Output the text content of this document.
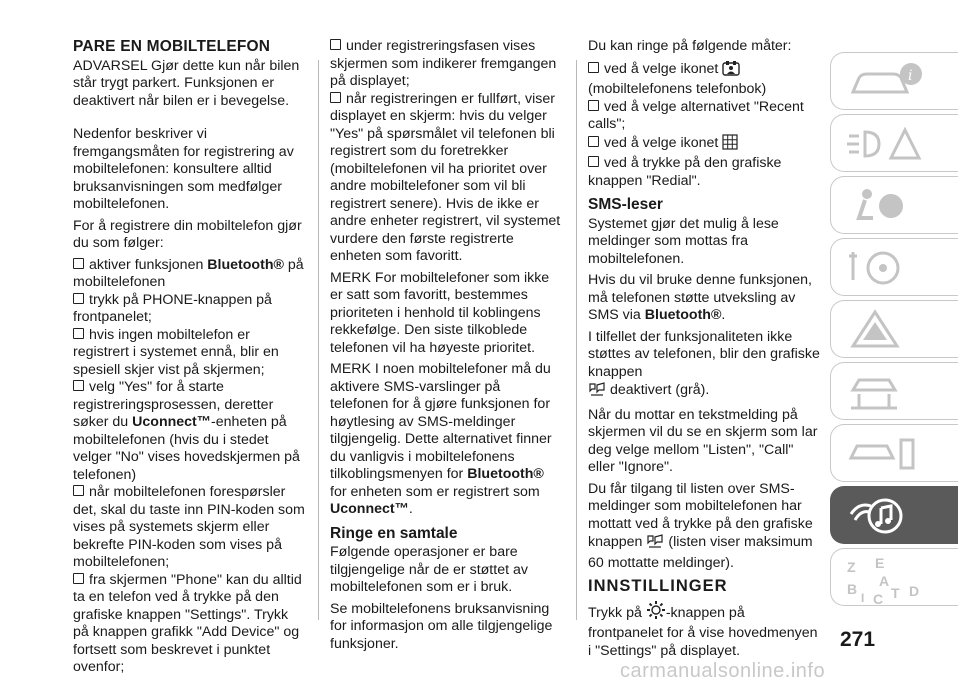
PARE EN MOBILTELEFON

ADVARSEL Gjør dette kun når bilen står trygt parkert. Funksjonen er deaktivert når bilen er i bevegelse.

Nedenfor beskriver vi fremgangsmåten for registrering av mobiltelefonen: konsultere alltid bruksanvisningen som medfølger mobiltelefonen.

For å registrere din mobiltelefon gjør du som følger:

aktiver funksjonen Bluetooth® på mobiltelefonen
trykk på PHONE-knappen på frontpanelet;
hvis ingen mobiltelefon er registrert i systemet ennå, blir en spesiell skjer vist på skjermen;
velg "Yes" for å starte registreringsprosessen, deretter søker du Uconnect™-enheten på mobiltelefonen (hvis du i stedet velger "No" vises hovedskjermen på telefonen)
når mobiltelefonen forespørsler det, skal du taste inn PIN-koden som vises på systemets skjerm eller bekrefte PIN-koden som vises på mobiltelefonen;
fra skjermen "Phone" kan du alltid ta en telefon ved å trykke på den grafiske knappen "Settings". Trykk på knappen grafikk "Add Device" og fortsett som beskrevet i punktet ovenfor;
under registreringsfasen vises skjermen som indikerer fremgangen på displayet;
når registreringen er fullført, viser displayet en skjerm: hvis du velger "Yes" på spørsmålet vil telefonen bli registrert som du foretrekker (mobiltelefonen vil ha prioritet over andre mobiltelefoner som vil bli registrert senere). Hvis de ikke er andre enheter registrert, vil systemet vurdere den første registrerte enheten som favoritt.

MERK For mobiltelefoner som ikke er satt som favoritt, bestemmes prioriteten i henhold til koblingens rekkefølge. Den siste tilkoblede telefonen vil ha høyeste prioritet.

MERK I noen mobiltelefoner må du aktivere SMS-varslinger på telefonen for å gjøre funksjonen for høytlesing av SMS-meldinger tilgjengelig. Dette alternativet finner du vanligvis i mobiltelefonens tilkoblingsmenyen for Bluetooth® for enheten som er registrert som Uconnect™.

Ringe en samtale

Følgende operasjoner er bare tilgjengelige når de er støttet av mobiltelefonen som er i bruk.

Se mobiltelefonens bruksanvisning for informasjon om alle tilgjengelige funksjoner.

Du kan ringe på følgende måter:

ved å velge ikonet
(mobiltelefonens telefonbok)
ved å velge alternativet "Recent calls";
ved å velge ikonet
ved å trykke på den grafiske knappen "Redial".
SMS-leser

Systemet gjør det mulig å lese meldinger som mottas fra mobiltelefonen.

Hvis du vil bruke denne funksjonen, må telefonen støtte utveksling av SMS via Bluetooth®.

I tilfellet der funksjonaliteten ikke støttes av telefonen, blir den grafiske knappen
deaktivert (grå).

Når du mottar en tekstmelding på skjermen vil du se en skjerm som lar deg velge mellom "Listen", "Call" eller "Ignore".

Du får tilgang til listen over SMS-meldinger som mobiltelefonen har mottatt ved å trykke på den grafiske knappen (listen viser maksimum 60 mottatte meldinger).

INNSTILLINGER

Trykk på -knappen på frontpanelet for å vise hovedmenyen i "Settings" på displayet.

i
Z E
A
B
I C T D
271
carmanualsonline.info
